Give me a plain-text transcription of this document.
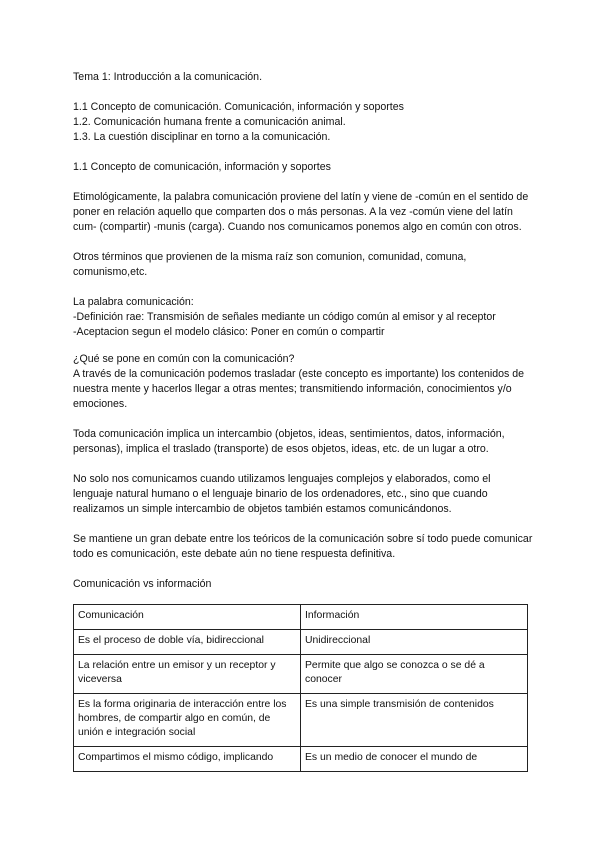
Tema 1: Introducción a la comunicación.

1.1 Concepto de comunicación. Comunicación, información y soportes

1.2. Comunicación humana frente a comunicación animal.

1.3. La cuestión disciplinar en torno a la comunicación.

1.1 Concepto de comunicación, información y soportes

Etimológicamente, la palabra comunicación proviene del latín y viene de -común en el sentido de poner en relación aquello que comparten dos o más personas. A la vez -común viene del latín cum- (compartir) -munis (carga). Cuando nos comunicamos ponemos algo en común con otros.

Otros términos que provienen de la misma raíz son comunion, comunidad, comuna, comunismo,etc.

La palabra comunicación:

-Definición rae: Transmisión de señales mediante un código común al emisor y al receptor

-Aceptacion segun el modelo clásico: Poner en común o compartir

¿Qué se pone en común con la comunicación?

A través de la comunicación podemos trasladar (este concepto es importante) los contenidos de nuestra mente y hacerlos llegar a otras mentes; transmitiendo información, conocimientos y/o emociones.

Toda comunicación implica un intercambio (objetos, ideas, sentimientos, datos, información, personas), implica el traslado (transporte) de esos objetos, ideas, etc. de un lugar a otro.

No solo nos comunicamos cuando utilizamos lenguajes complejos y elaborados, como el lenguaje natural humano o el lenguaje binario de los ordenadores, etc., sino que cuando realizamos un simple intercambio de objetos también estamos comunicándonos.

Se mantiene un gran debate entre los teóricos de la comunicación sobre sí todo puede comunicar todo es comunicación, este debate aún no tiene respuesta definitiva.

Comunicación vs información

Comunicación	Información
Es el proceso de doble vía, bidireccional	Unidireccional
La relación entre un emisor y un receptor y viceversa	Permite que algo se conozca o se dé a conocer
Es la forma originaria de interacción entre los hombres, de compartir algo en común, de unión e integración social	Es una simple transmisión de contenidos
Compartimos el mismo código, implicando	Es un medio de conocer el mundo de
